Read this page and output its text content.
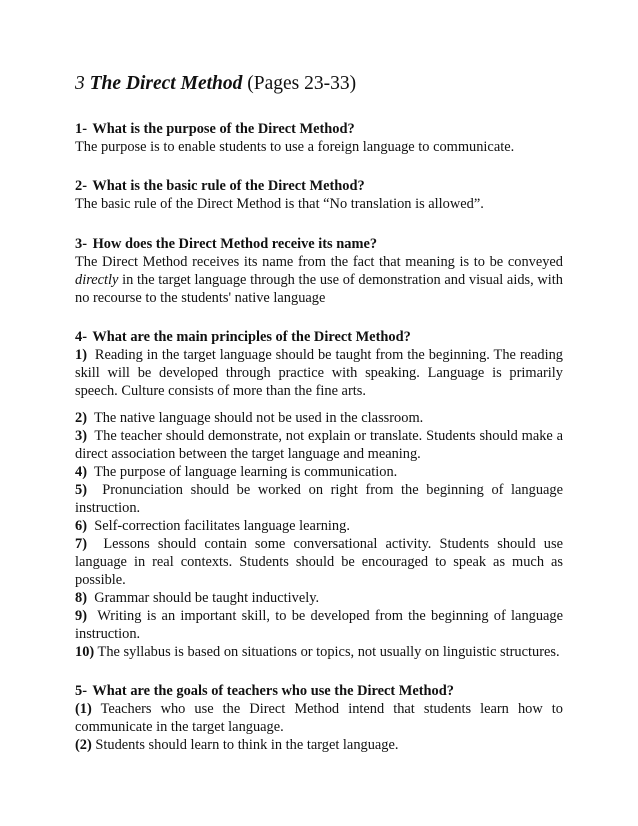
3 The Direct Method (Pages 23-33)
1- What is the purpose of the Direct Method?

The purpose is to enable students to use a foreign language to communicate.

2- What is the basic rule of the Direct Method?

The basic rule of the Direct Method is that “No translation is allowed”.

3- How does the Direct Method receive its name?

The Direct Method receives its name from the fact that meaning is to be conveyed directly in the target language through the use of demonstration and visual aids, with no recourse to the students' native language

4- What are the main principles of the Direct Method?

1) Reading in the target language should be taught from the beginning. The reading skill will be developed through practice with speaking. Language is primarily speech. Culture consists of more than the fine arts.

2) The native language should not be used in the classroom.

3) The teacher should demonstrate, not explain or translate. Students should make a direct association between the target language and meaning.

4) The purpose of language learning is communication.

5) Pronunciation should be worked on right from the beginning of language instruction.

6) Self-correction facilitates language learning.

7) Lessons should contain some conversational activity. Students should use language in real contexts. Students should be encouraged to speak as much as possible.

8) Grammar should be taught inductively.

9) Writing is an important skill, to be developed from the beginning of language instruction.

10) The syllabus is based on situations or topics, not usually on linguistic structures.

5- What are the goals of teachers who use the Direct Method?

(1) Teachers who use the Direct Method intend that students learn how to communicate in the target language.

(2) Students should learn to think in the target language.
